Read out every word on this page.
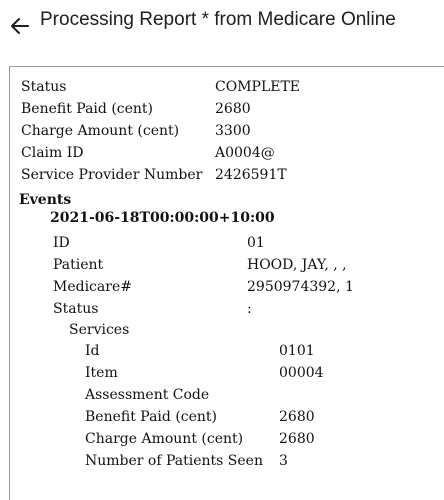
Processing Report * from Medicare Online
Status	COMPLETE
Benefit Paid (cent)	2680
Charge Amount (cent)	3300
Claim ID	A0004@
Service Provider Number 2426591T
Events
2021-06-18T00:00:00+10:00
ID	01
Patient	HOOD, JAY, , ,
Medicare#	2950974392, 1
Status	:
Services
Id	0101
Item	00004
Assessment Code
Benefit Paid (cent)	2680
Charge Amount (cent)	2680
Number of Patients Seen 3
